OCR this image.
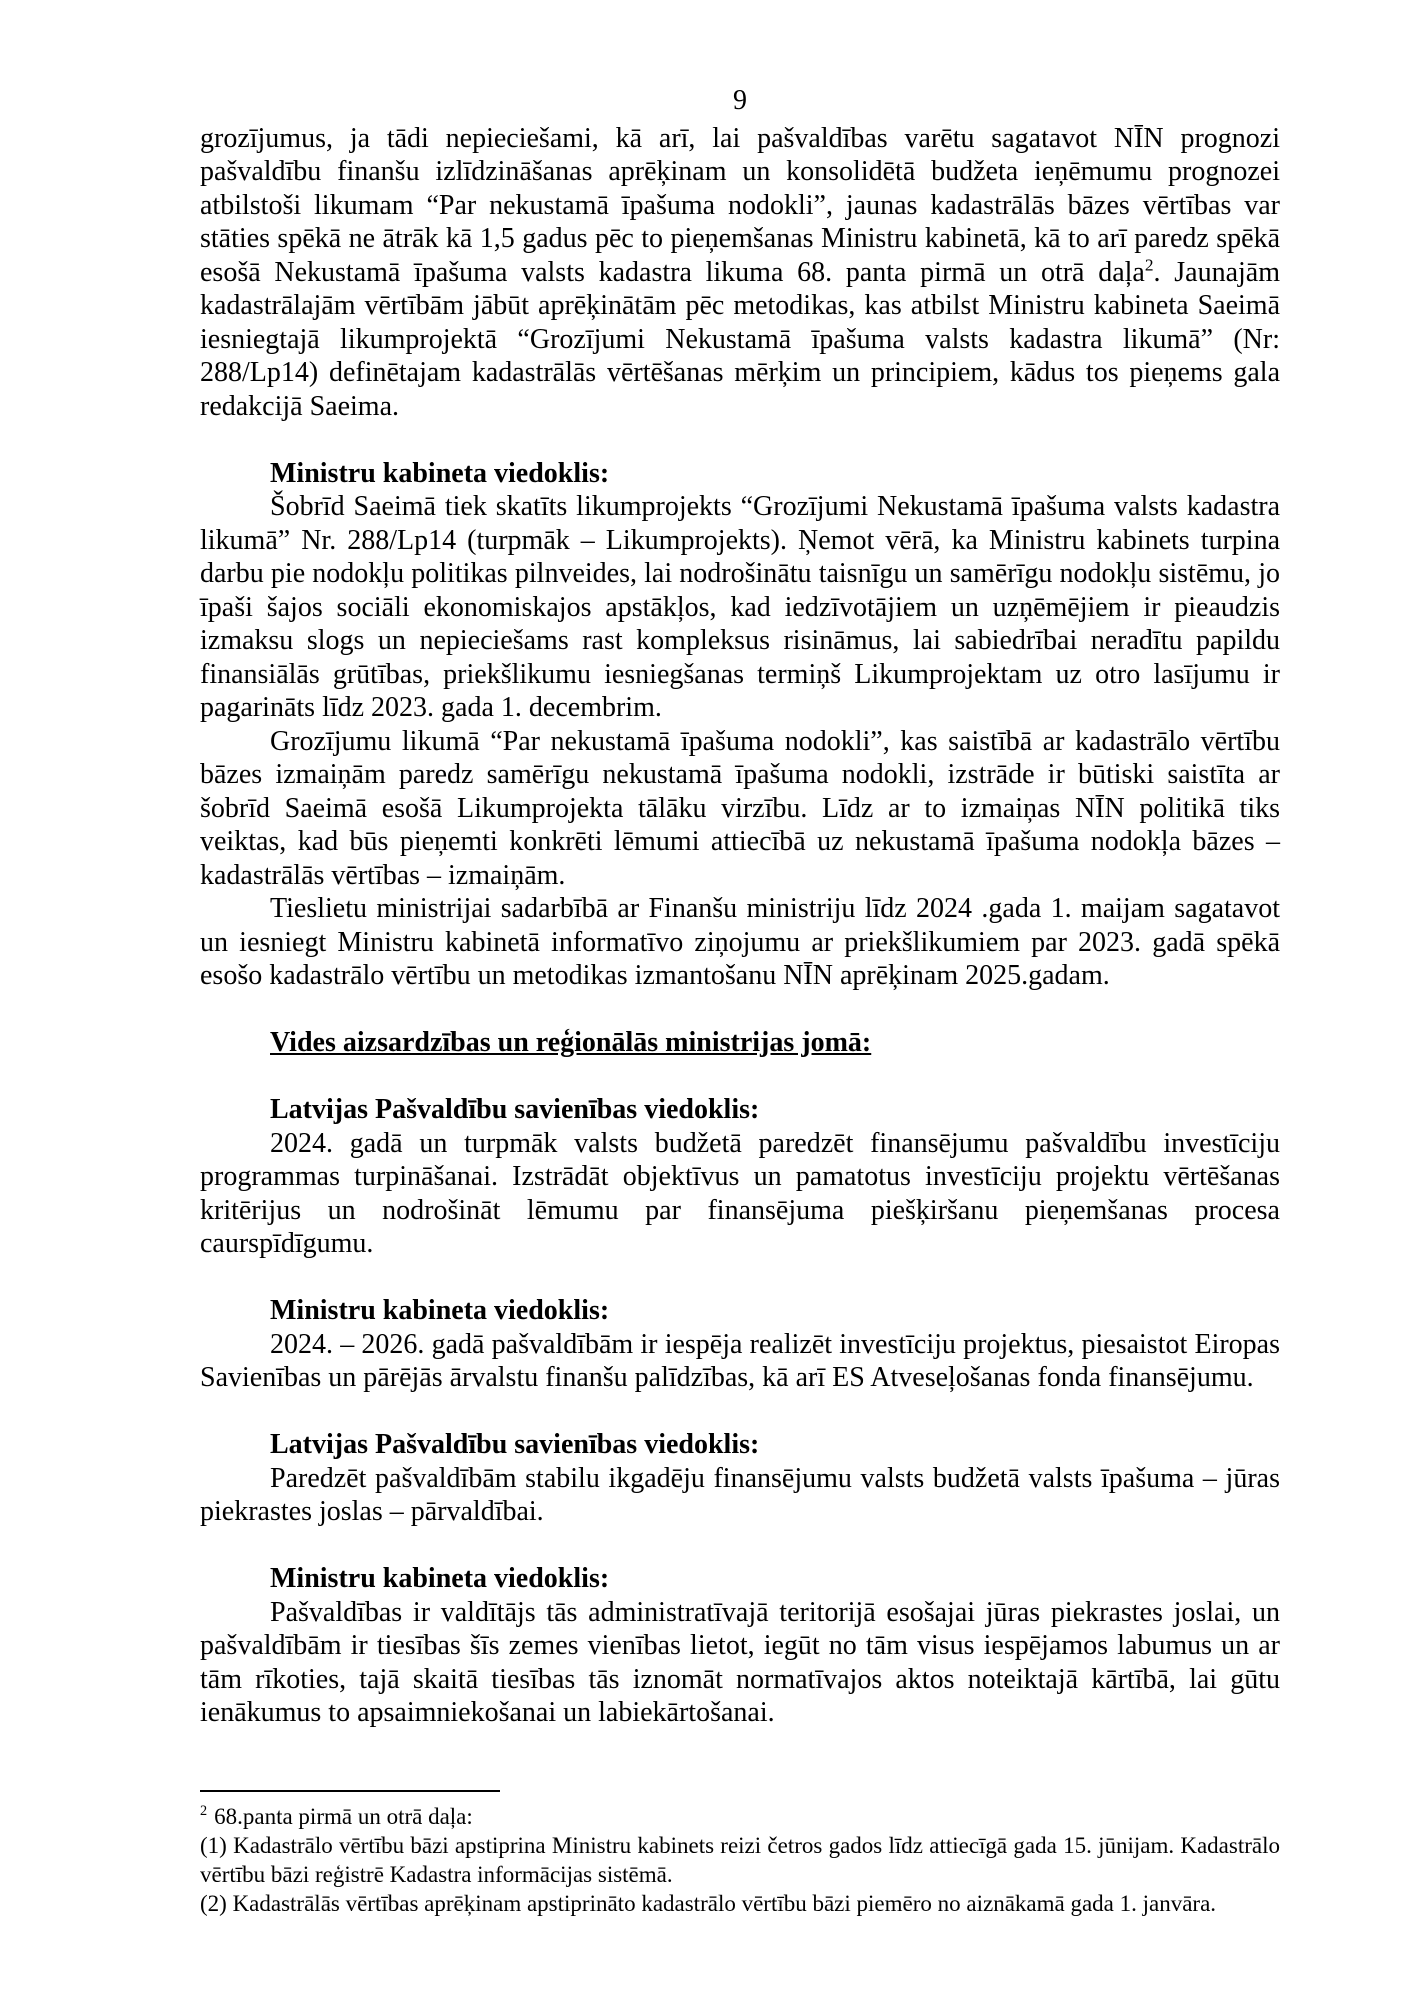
9

grozījumus, ja tādi nepieciešami, kā arī, lai pašvaldības varētu sagatavot NĪN prognozi pašvaldību finanšu izlīdzināšanas aprēķinam un konsolidētā budžeta ieņēmumu prognozei atbilstoši likumam “Par nekustamā īpašuma nodokli”, jaunas kadastrālās bāzes vērtības var stāties spēkā ne ātrāk kā 1,5 gadus pēc to pieņemšanas Ministru kabinetā, kā to arī paredz spēkā esošā Nekustamā īpašuma valsts kadastra likuma 68. panta pirmā un otrā daļa$^2$. Jaunajām kadastrālajām vērtībām jābūt aprēķinātām pēc metodikas, kas atbilst Ministru kabineta Saeimā iesniegtajā likumprojektā “Grozījumi Nekustamā īpašuma valsts kadastra likumā” (Nr: 288/Lp14) definētajam kadastrālās vērtēšanas mērķim un principiem, kādus tos pieņems gala redakcijā Saeima.

Ministru kabineta viedoklis:

Šobrīd Saeimā tiek skatīts likumprojekts “Grozījumi Nekustamā īpašuma valsts kadastra likumā” Nr. 288/Lp14 (turpmāk – Likumprojekts). Ņemot vērā, ka Ministru kabinets turpina darbu pie nodokļu politikas pilnveides, lai nodrošinātu taisnīgu un samērīgu nodokļu sistēmu, jo īpaši šajos sociāli ekonomiskajos apstākļos, kad iedzīvotājiem un uzņēmējiem ir pieaudzis izmaksu slogs un nepieciešams rast kompleksus risināmus, lai sabiedrībai neradītu papildu finansiālās grūtības, priekšlikumu iesniegšanas termiņš Likumprojektam uz otro lasījumu ir pagarināts līdz 2023. gada 1. decembrim.

Grozījumu likumā “Par nekustamā īpašuma nodokli”, kas saistībā ar kadastrālo vērtību bāzes izmaiņām paredz samērīgu nekustamā īpašuma nodokli, izstrāde ir būtiski saistīta ar šobrīd Saeimā esošā Likumprojekta tālāku virzību. Līdz ar to izmaiņas NĪN politikā tiks veiktas, kad būs pieņemti konkrēti lēmumi attiecībā uz nekustamā īpašuma nodokļa bāzes – kadastrālās vērtības – izmaiņām.

Tieslietu ministrijai sadarbībā ar Finanšu ministriju līdz 2024 .gada 1. maijam sagatavot un iesniegt Ministru kabinetā informatīvo ziņojumu ar priekšlikumiem par 2023. gadā spēkā esošo kadastrālo vērtību un metodikas izmantošanu NĪN aprēķinam 2025.gadam.

Vides aizsardzības un reģionālās ministrijas jomā:
Latvijas Pašvaldību savienības viedoklis:

2024. gadā un turpmāk valsts budžetā paredzēt finansējumu pašvaldību investīciju programmas turpināšanai. Izstrādāt objektīvus un pamatotus investīciju projektu vērtēšanas kritērijus un nodrošināt lēmumu par finansējuma piešķiršanu pieņemšanas procesa caurspīdīgumu.

Ministru kabineta viedoklis:

2024. – 2026. gadā pašvaldībām ir iespēja realizēt investīciju projektus, piesaistot Eiropas Savienības un pārējās ārvalstu finanšu palīdzības, kā arī ES Atveseļošanas fonda finansējumu.

Latvijas Pašvaldību savienības viedoklis:

Paredzēt pašvaldībām stabilu ikgadēju finansējumu valsts budžetā valsts īpašuma – jūras piekrastes joslas – pārvaldībai.

Ministru kabineta viedoklis:

Pašvaldības ir valdītājs tās administratīvajā teritorijā esošajai jūras piekrastes joslai, un pašvaldībām ir tiesības šīs zemes vienības lietot, iegūt no tām visus iespējamos labumus un ar tām rīkoties, tajā skaitā tiesības tās iznomāt normatīvajos aktos noteiktajā kārtībā, lai gūtu ienākumus to apsaimniekošanai un labiekārtošanai.

$^2$ 68.panta pirmā un otrā daļa:
(1) Kadastrālo vērtību bāzi apstiprina Ministru kabinets reizi četros gados līdz attiecīgā gada 15. jūnijam. Kadastrālo vērtību bāzi reģistrē Kadastra informācijas sistēmā.
(2) Kadastrālās vērtības aprēķinam apstiprināto kadastrālo vērtību bāzi piemēro no aiznākamā gada 1. janvāra.
